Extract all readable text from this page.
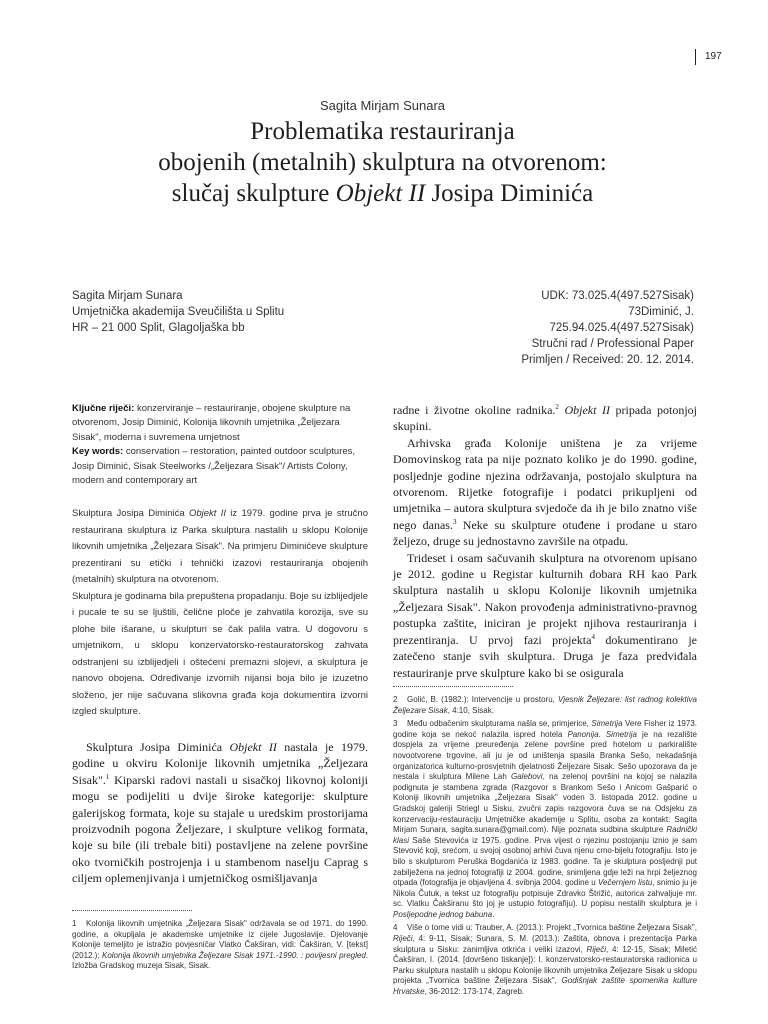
197
Sagita Mirjam Sunara
Problematika restauriranja
obojenih (metalnih) skulptura na otvorenom:
slučaj skulpture Objekt II Josipa Diminića
Sagita Mirjam Sunara
Umjetnička akademija Sveučilišta u Splitu
HR – 21 000 Split, Glagoljaška bb
UDK: 73.025.4(497.527Sisak)
73Diminić, J.
725.94.025.4(497.527Sisak)
Stručni rad / Professional Paper
Primljen / Received: 20. 12. 2014.
Ključne riječi: konzerviranje – restauriranje, obojene skulpture na otvorenom, Josip Diminić, Kolonija likovnih umjetnika „Željezara Sisak", moderna i suvremena umjetnost
Key words: conservation – restoration, painted outdoor sculptures, Josip Diminić, Sisak Steelworks /„Željezara Sisak"/ Artists Colony, modern and contemporary art

Skulptura Josipa Diminića Objekt II iz 1979. godine prva je stručno restaurirana skulptura iz Parka skulptura nastalih u sklopu Kolonije likovnih umjetnika „Željezara Sisak". Na primjeru Diminićeve skulpture prezentirani su etički i tehnički izazovi restauriranja obojenih (metalnih) skulptura na otvorenom.

Skulptura je godinama bila prepuštena propadanju. Boje su izblijedjele i pucale te su se ljuštili, čelične ploče je zahvatila korozija, sve su plohe bile išarane, u skulpturi se čak palila vatra. U dogovoru s umjetnikom, u sklopu konzervatorsko-restauratorskog zahvata odstranjeni su izblijedjeli i oštećeni premazni slojevi, a skulptura je nanovo obojena. Određivanje izvornih nijansi boja bilo je izuzetno složeno, jer nije sačuvana slikovna građa koja dokumentira izvorni izgled skulpture.

Skulptura Josipa Diminića Objekt II nastala je 1979. godine u okviru Kolonije likovnih umjetnika „Željezara Sisak".$^1$ Kiparski radovi nastali u sisačkoj likovnoj koloniji mogu se podijeliti u dvije široke kategorije: skulpture galerijskog formata, koje su stajale u uredskim prostorijama proizvodnih pogona Željezare, i skulpture velikog formata, koje su bile (ili trebale biti) postavljene na zelene površine oko tvorničkih postrojenja i u stambenom naselju Caprag s ciljem oplemenjivanja i umjetničkog osmišljavanja

1 Kolonija likovnih umjetnika „Željezara Sisak" održavala se od 1971. do 1990. godine, a okupljala je akademske umjetnike iz cijele Jugoslavije. Djelovanje Kolonije temeljito je istražio povjesničar Vlatko Čakširan, vidi: Čakširan, V. [tekst] (2012.): Kolonija likovnih umjetnika Željezare Sisak 1971.-1990. : povijesni pregled. Izložba Gradskog muzeja Sisak, Sisak.

radne i životne okoline radnika.$^2$ Objekt II pripada potonjoj skupini.

Arhivska građa Kolonije uništena je za vrijeme Domovinskog rata pa nije poznato koliko je do 1990. godine, posljednje godine njezina održavanja, postojalo skulptura na otvorenom. Rijetke fotografije i podatci prikupljeni od umjetnika – autora skulptura svjedoče da ih je bilo znatno više nego danas.$^3$ Neke su skulpture otuđene i prodane u staro željezo, druge su jednostavno završile na otpadu.

Trideset i osam sačuvanih skulptura na otvorenom upisano je 2012. godine u Registar kulturnih dobara RH kao Park skulptura nastalih u sklopu Kolonije likovnih umjetnika „Željezara Sisak". Nakon provođenja administrativno-pravnog postupka zaštite, iniciran je projekt njihova restauriranja i prezentiranja. U prvoj fazi projekta$^4$ dokumentirano je zatečeno stanje svih skulptura. Druga je faza predviđala restauriranje prve skulpture kako bi se osigurala

2 Golić, B. (1982.): Intervencije u prostoru, Vjesnik Željezare: list radnog kolektiva Željezare Sisak, 4:10, Sisak.

3 Među odbačenim skulpturama našla se, primjerice, Simetrija Vere Fisher iz 1973. godine koja se nekoć nalazila ispred hotela Panonija. Simetrija je na rezalište dospjela za vrijeme preuređenja zelene površine pred hotelom u parkiralište novootvorene trgovine, ali ju je od uništenja spasila Branka Sešo, nekadašnja organizatorica kulturno-prosvjetnih djelatnosti Željezare Sisak. Sešo upozorava da je nestala i skulptura Milene Lah Galebovi, na zelenoj površini na kojoj se nalazila podignuta je stambena zgrada (Razgovor s Brankom Sešo i Anicom Gašparić o Koloniji likovnih umjetnika „Željezara Sisak" voden 3. listopada 2012. godine u Gradskoj galeriji Striegl u Sisku, zvučni zapis razgovora čuva se na Odsjeku za konzervaciju-restauraciju Umjetničke akademije u Splitu, osoba za kontakt: Sagita Mirjam Sunara, sagita.sunara@gmail.com). Nije poznata sudbina skulpture Radnički klasi Saše Stevovića iz 1975. godine. Prva vijest o njezinu postojanju iznio je sam Stevović koji, srećom, u svojoj osobnoj arhivi čuva njenu crno-bijelu fotografiju. Isto je bilo s skulpturom Peruška Bogdanića iz 1983. godine. Ta je skulptura posljednji put zabilježena na jednoj fotografiji iz 2004. godine, snimljena gdje leži na hrpi željeznog otpada (fotografija je objavljena 4. svibnja 2004. godine u Večernjem listu, snimio ju je Nikola Čutuk, a tekst uz fotografiju potpisuje Zdravko Štrižić, autorica zahvaljuje mr. sc. Vlatku Čakširanu što joj je ustupio fotografiju). U popisu nestalih skulptura je i Posljepodne jednog babuna.

4 Više o tome vidi u: Trauber, A. (2013.): Projekt „Tvornica baštine Željezara Sisak", Riječi, 4: 9-11, Sisak; Sunara, S. M. (2013.): Zaštita, obnova i prezentacija Parka skulptura u Sisku: zanimljiva otkrića i veliki izazovi, Riječi, 4: 12-15, Sisak; Miletić Čakširan, I. (2014. [dovršeno tiskanje]): I. konzervatorsko-restauratorska radionica u Parku skulptura nastalih u sklopu Kolonije likovnih umjetnika Željezare Sisak u sklopu projekta „Tvornica baštine Željezara Sisak", Godišnjak zaštite spomenika kulture Hrvatske, 36-2012: 173-174, Zagreb.
